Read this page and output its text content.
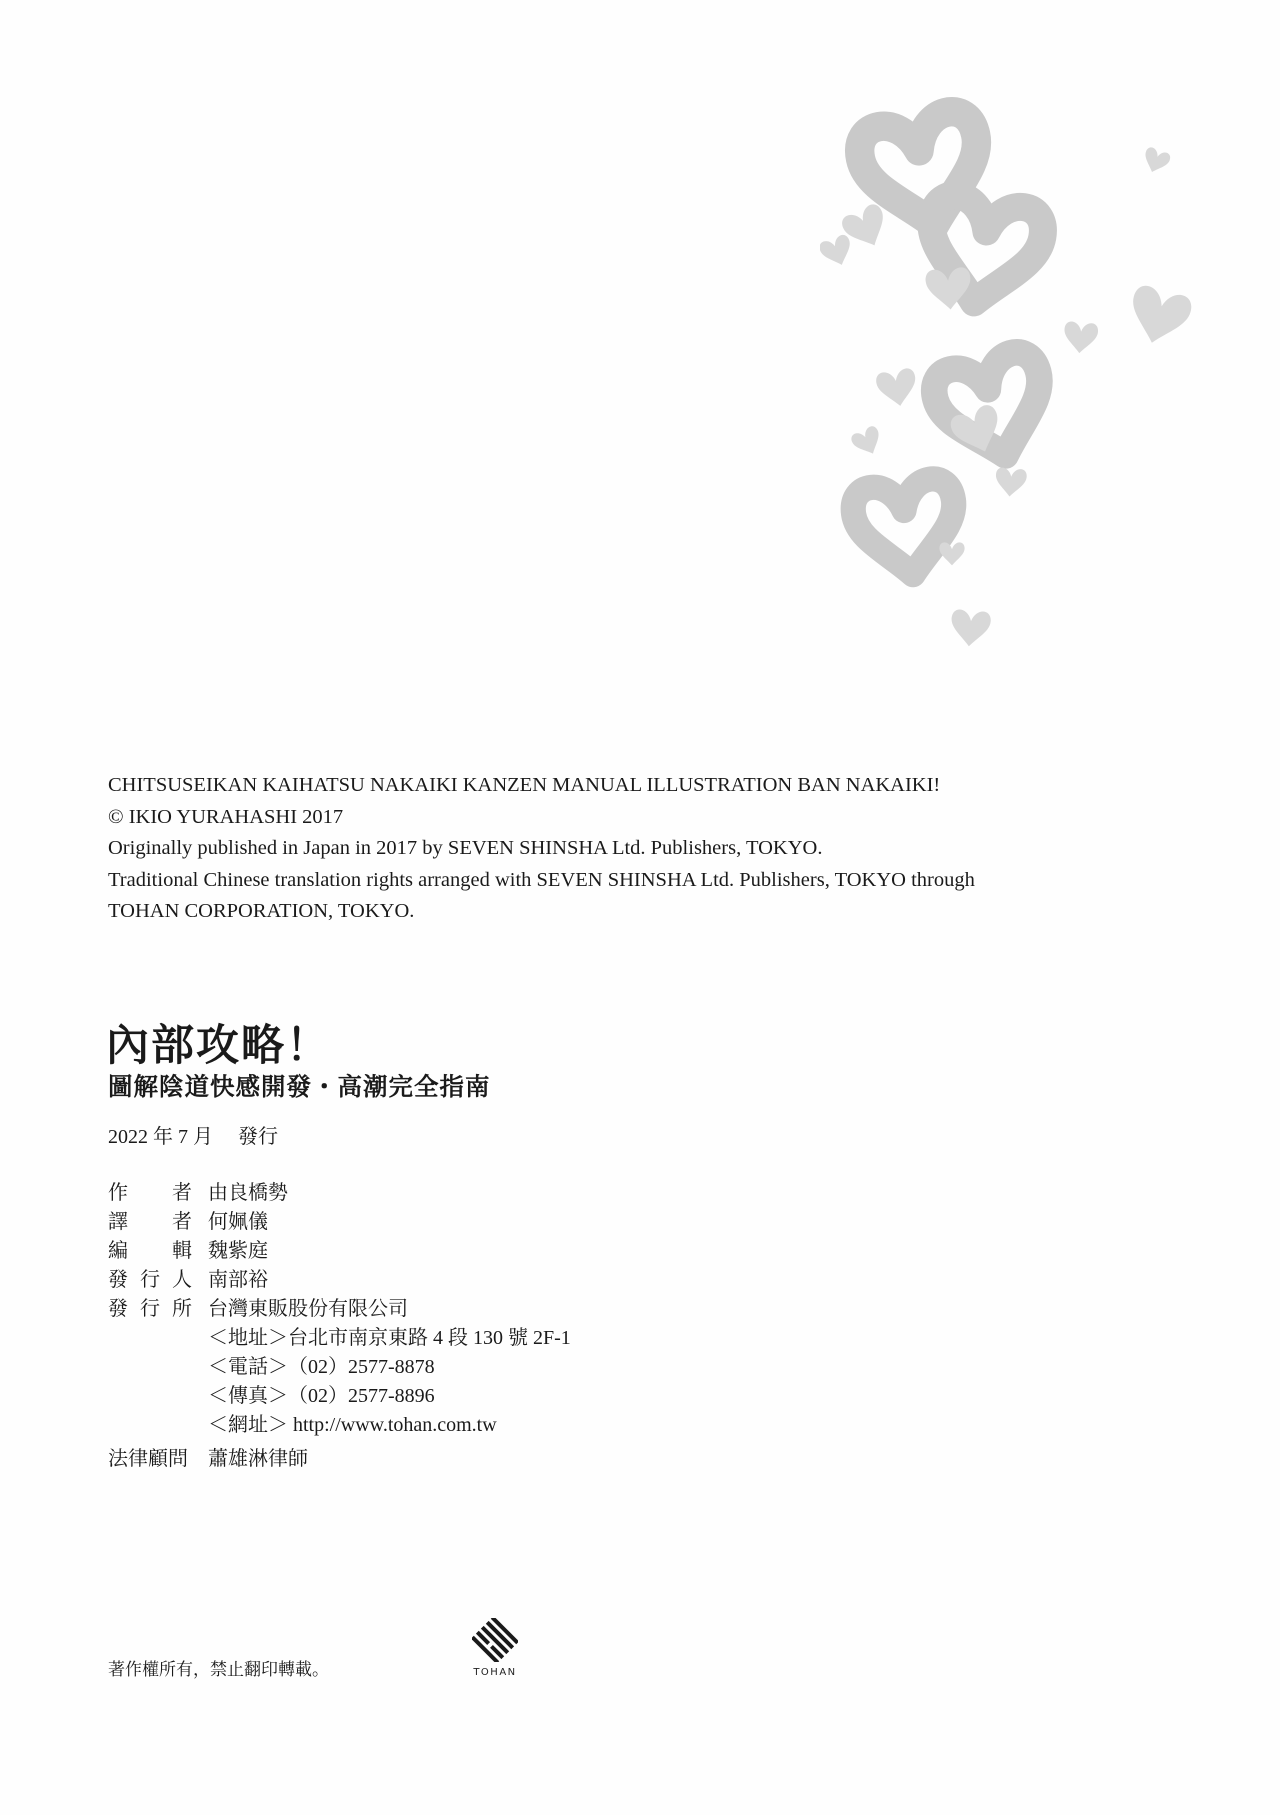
CHITSUSEIKAN KAIHATSU NAKAIKI KANZEN MANUAL ILLUSTRATION BAN NAKAIKI!
© IKIO YURAHASHI 2017
Originally published in Japan in 2017 by SEVEN SHINSHA Ltd. Publishers, TOKYO.
Traditional Chinese translation rights arranged with SEVEN SHINSHA Ltd. Publishers, TOKYO through
TOHAN CORPORATION, TOKYO.
內部攻略！
圖解陰道快感開發・高潮完全指南
2022 年 7 月 發行
作 者 由良橋勢
譯 者 何姵儀
編 輯 魏紫庭
發 行 人 南部裕
發 行 所 台灣東販股份有限公司
＜地址＞台北市南京東路 4 段 130 號 2F-1
＜電話＞（02）2577-8878
＜傳真＞（02）2577-8896
＜網址＞ http://www.tohan.com.tw
法律顧問	蕭雄淋律師
著作權所有，禁止翻印轉載。	TOHAN
